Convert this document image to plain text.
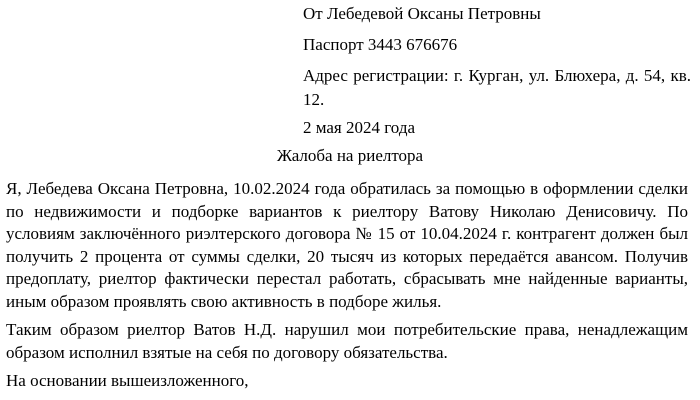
От Лебедевой Оксаны Петровны
Паспорт 3443 676676
Адрес регистрации: г. Курган, ул. Блюхера, д. 54, кв. 12.
2 мая 2024 года
Жалоба на риелтора
Я, Лебедева Оксана Петровна, 10.02.2024 года обратилась за помощью в оформлении сделки по недвижимости и подборке вариантов к риелтору Ватову Николаю Денисовичу. По условиям заключённого риэлтерского договора № 15 от 10.04.2024 г. контрагент должен был получить 2 процента от суммы сделки, 20 тысяч из которых передаётся авансом. Получив предоплату, риелтор фактически перестал работать, сбрасывать мне найденные варианты, иным образом проявлять свою активность в подборе жилья.
Таким образом риелтор Ватов Н.Д. нарушил мои потребительские права, ненадлежащим образом исполнил взятые на себя по договору обязательства.
На основании вышеизложенного,
